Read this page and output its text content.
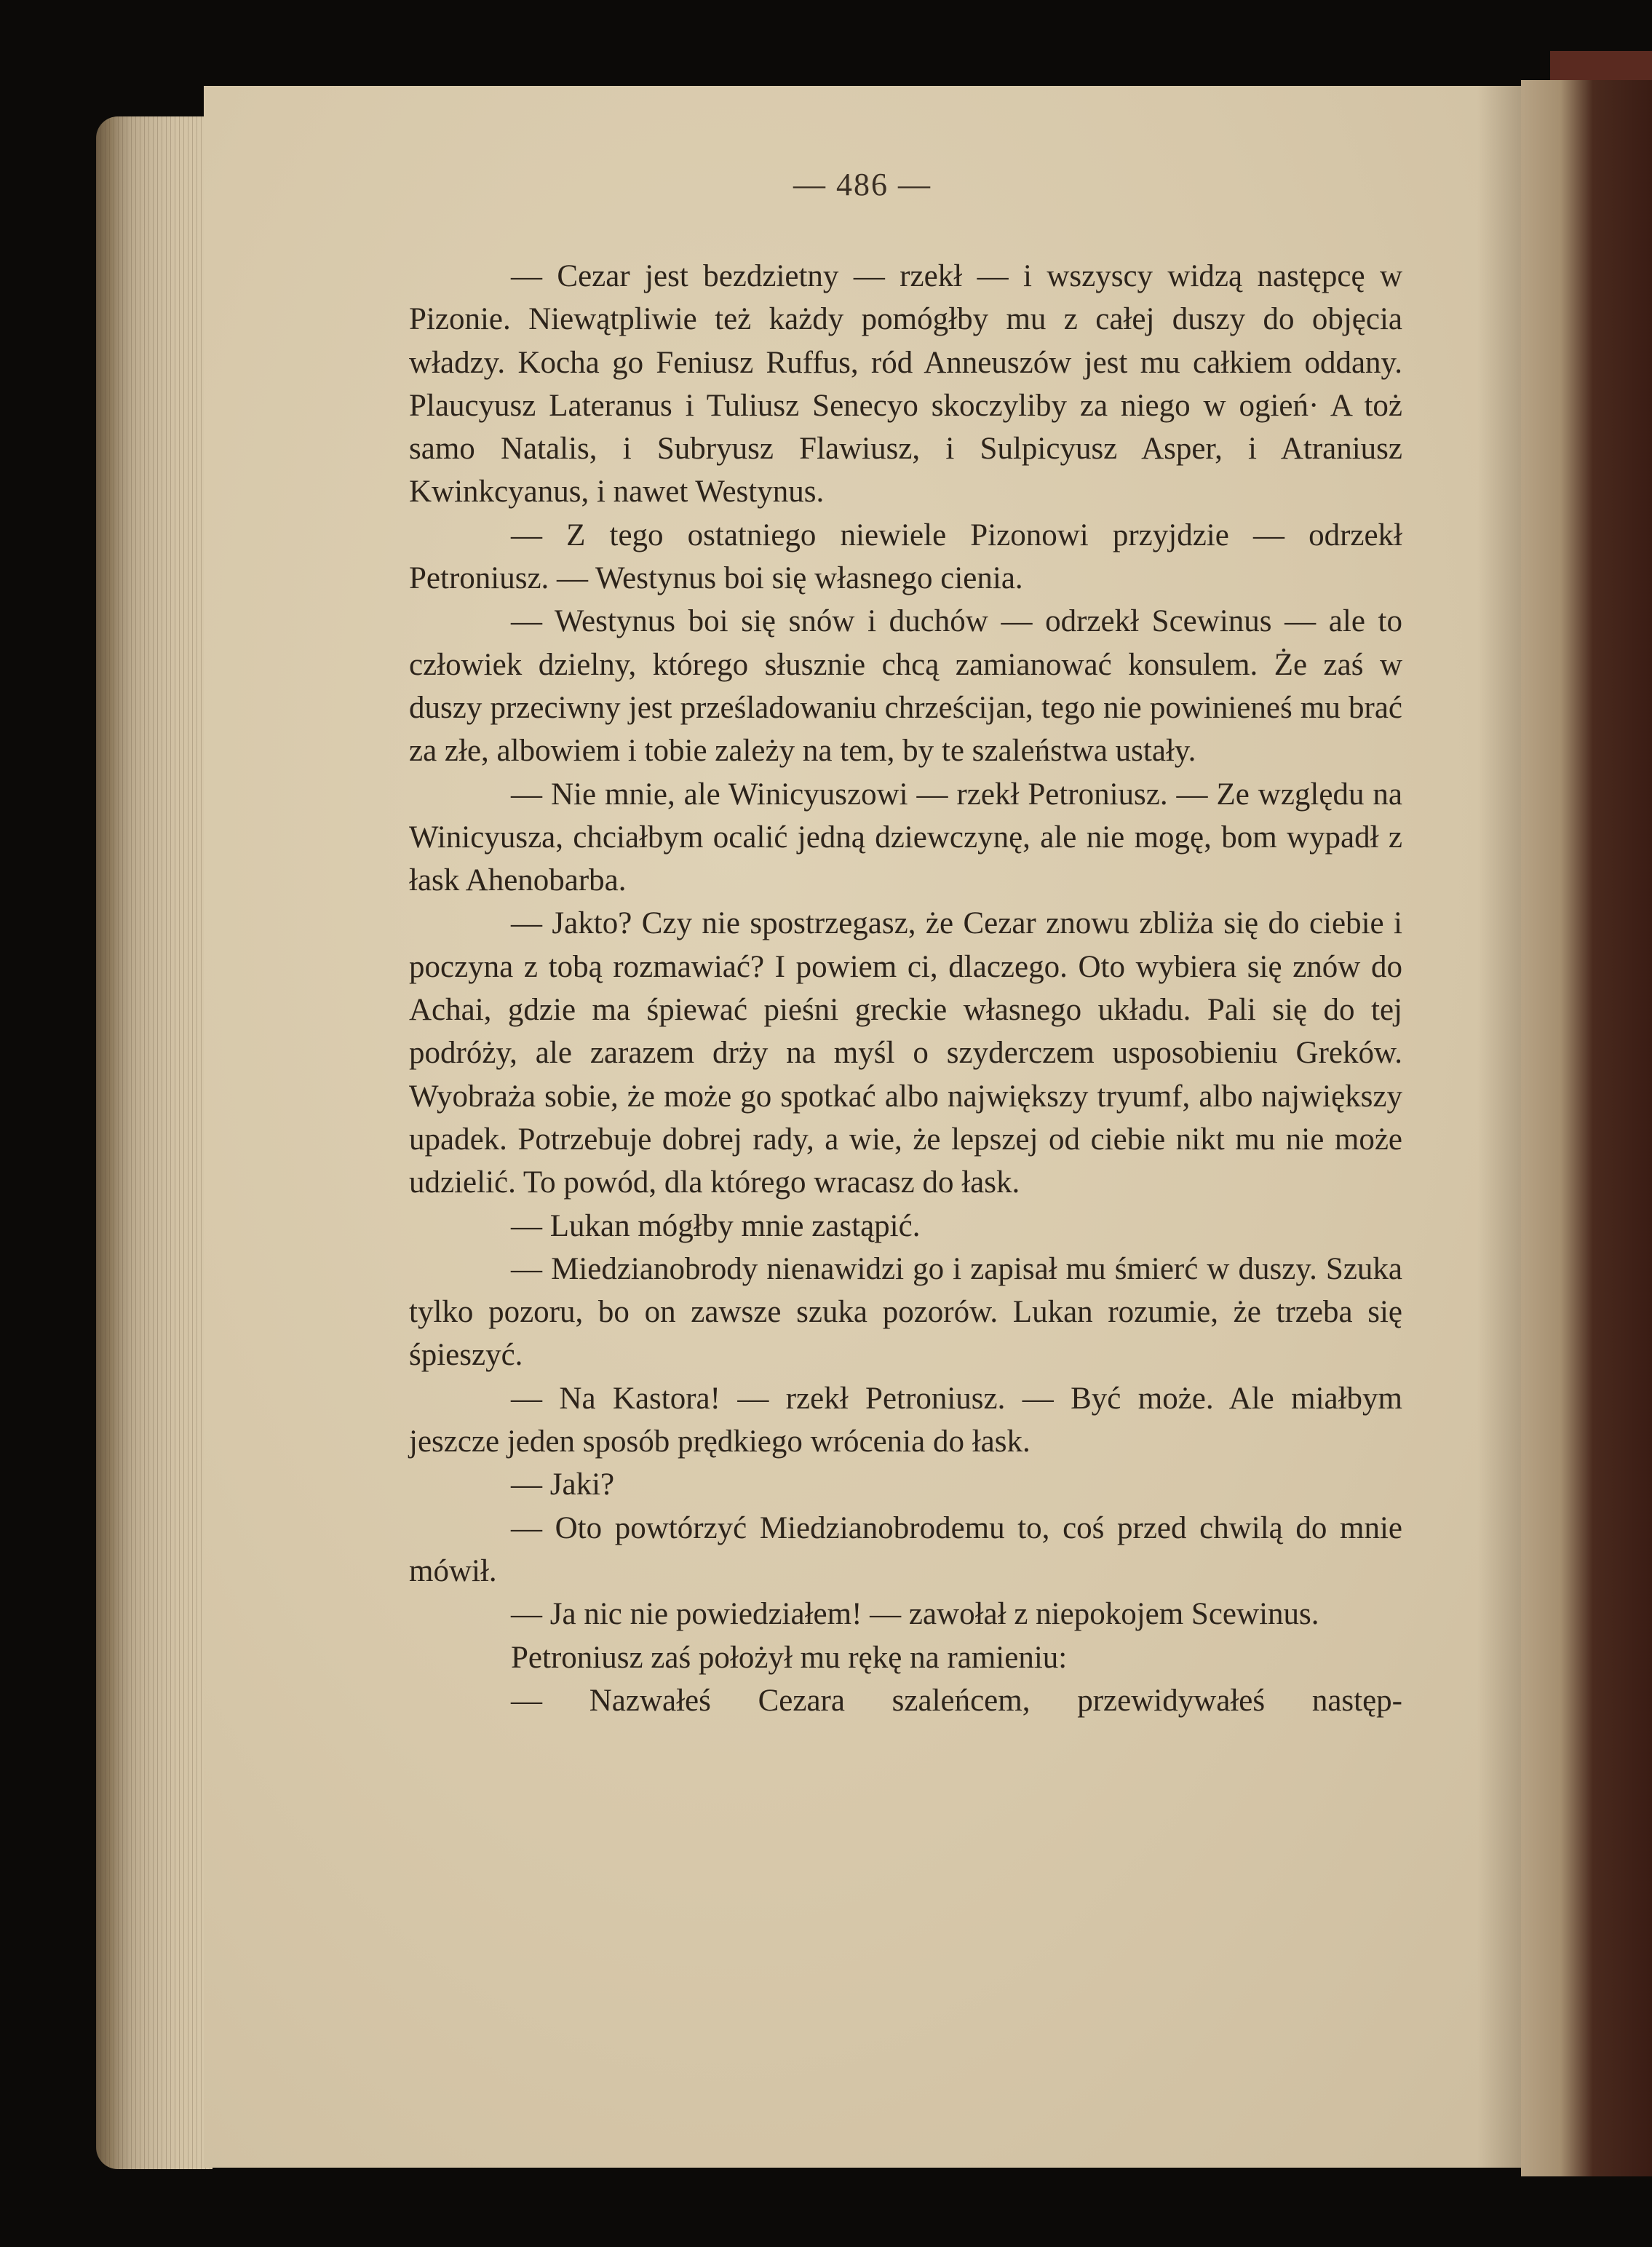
— 486 —

— Cezar jest bezdzietny — rzekł — i wszyscy widzą następcę w Pizonie. Niewątpliwie też każdy pomógłby mu z całej duszy do objęcia władzy. Kocha go Feniusz Ruffus, ród Anneuszów jest mu całkiem oddany. Plaucyusz Lateranus i Tuliusz Senecyo skoczyliby za niego w ogień· A toż samo Natalis, i Subryusz Flawiusz, i Sulpicyusz Asper, i Atraniusz Kwinkcyanus, i nawet Westynus.

— Z tego ostatniego niewiele Pizonowi przyjdzie — odrzekł Petroniusz. — Westynus boi się własnego cienia.

— Westynus boi się snów i duchów — odrzekł Scewinus — ale to człowiek dzielny, którego słusznie chcą zamianować konsulem. Że zaś w duszy przeciwny jest prześladowaniu chrześcijan, tego nie powinieneś mu brać za złe, albowiem i tobie zależy na tem, by te szaleństwa ustały.

— Nie mnie, ale Winicyuszowi — rzekł Petroniusz. — Ze względu na Winicyusza, chciałbym ocalić jedną dziewczynę, ale nie mogę, bom wypadł z łask Ahenobarba.

— Jakto? Czy nie spostrzegasz, że Cezar znowu zbliża się do ciebie i poczyna z tobą rozmawiać? I powiem ci, dlaczego. Oto wybiera się znów do Achai, gdzie ma śpiewać pieśni greckie własnego układu. Pali się do tej podróży, ale zarazem drży na myśl o szyderczem usposobieniu Greków. Wyobraża sobie, że może go spotkać albo największy tryumf, albo największy upadek. Potrzebuje dobrej rady, a wie, że lepszej od ciebie nikt mu nie może udzielić. To powód, dla którego wracasz do łask.

— Lukan mógłby mnie zastąpić.

— Miedzianobrody nienawidzi go i zapisał mu śmierć w duszy. Szuka tylko pozoru, bo on zawsze szuka pozorów. Lukan rozumie, że trzeba się śpieszyć.

— Na Kastora! — rzekł Petroniusz. — Być może. Ale miałbym jeszcze jeden sposób prędkiego wrócenia do łask.

— Jaki?

— Oto powtórzyć Miedzianobrodemu to, coś przed chwilą do mnie mówił.

— Ja nic nie powiedziałem! — zawołał z niepokojem Scewinus.

Petroniusz zaś położył mu rękę na ramieniu:

— Nazwałeś Cezara szaleńcem, przewidywałeś następ-
